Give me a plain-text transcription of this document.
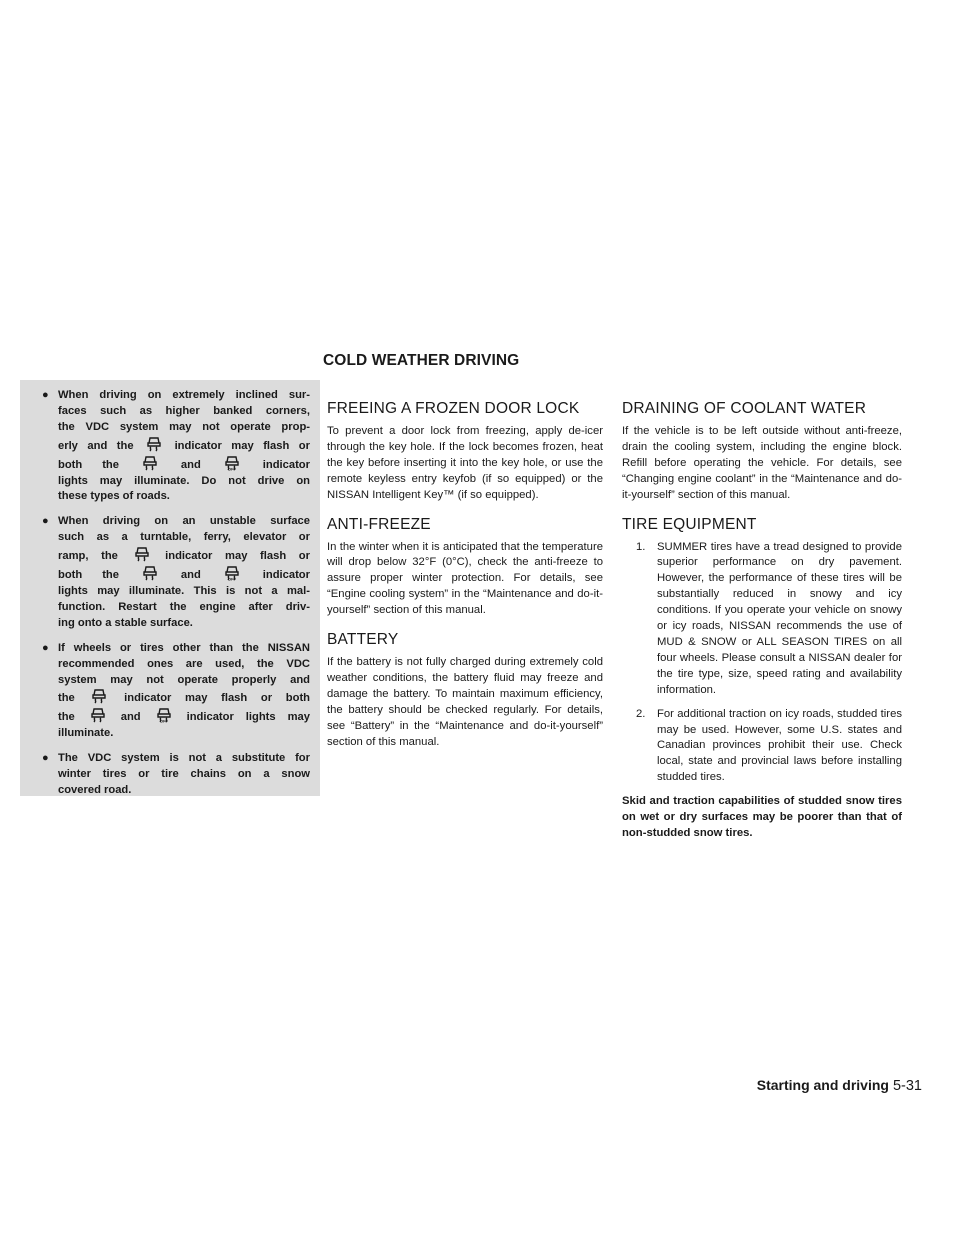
COLD WEATHER DRIVING
● When driving on extremely inclined sur-
faces such as higher banked corners,
the VDC system may not operate prop-
erly and the
indicator may flash or
both the
and OFF indicator
lights may illuminate. Do not drive on
these types of roads.
● When driving on an unstable surface
such as a turntable, ferry, elevator or
ramp, the
indicator may flash or
both the
and OFF indicator
lights may illuminate. This is not a mal-
function. Restart the engine after driv-
ing onto a stable surface.
● If wheels or tires other than the NISSAN
recommended ones are used, the VDC
system may not operate properly and
the
indicator may flash or both
the
and OFF indicator lights may
illuminate.
● The VDC system is not a substitute for
winter tires or tire chains on a snow
covered road.
FREEING A FROZEN DOOR LOCK

To prevent a door lock from freezing, apply de-icer through the key hole. If the lock becomes frozen, heat the key before inserting it into the key hole, or use the remote keyless entry keyfob (if so equipped) or the NISSAN Intelligent Key™ (if so equipped).

ANTI-FREEZE

In the winter when it is anticipated that the temperature will drop below 32°F (0°C), check the anti-freeze to assure proper winter protection. For details, see “Engine cooling system” in the “Maintenance and do-it-yourself” section of this manual.

BATTERY

If the battery is not fully charged during extremely cold weather conditions, the battery fluid may freeze and damage the battery. To maintain maximum efficiency, the battery should be checked regularly. For details, see “Battery” in the “Maintenance and do-it-yourself” section of this manual.

DRAINING OF COOLANT WATER

If the vehicle is to be left outside without anti-freeze, drain the cooling system, including the engine block. Refill before operating the vehicle. For details, see “Changing engine coolant” in the “Maintenance and do-it-yourself” section of this manual.

TIRE EQUIPMENT
1. SUMMER tires have a tread designed to provide superior performance on dry pavement. However, the performance of these tires will be substantially reduced in snowy and icy conditions. If you operate your vehicle on snowy or icy roads, NISSAN recommends the use of MUD & SNOW or ALL SEASON TIRES on all four wheels. Please consult a NISSAN dealer for the tire type, size, speed rating and availability information.
2. For additional traction on icy roads, studded tires may be used. However, some U.S. states and Canadian provinces prohibit their use. Check local, state and provincial laws before installing studded tires.

Skid and traction capabilities of studded snow tires on wet or dry surfaces may be poorer than that of non-studded snow tires.

Starting and driving 5-31
